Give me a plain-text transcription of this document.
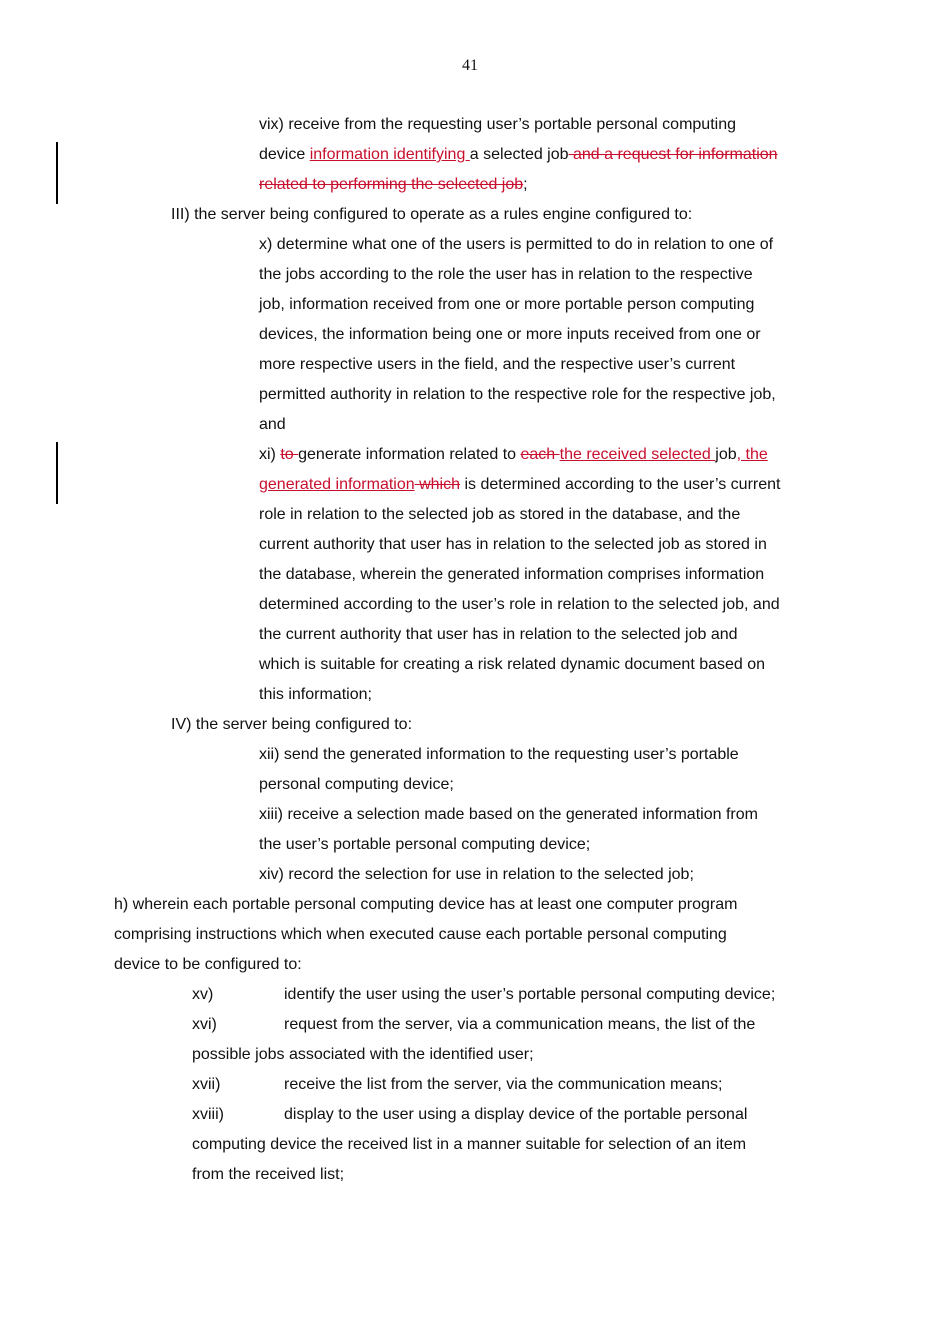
41
vix) receive from the requesting user’s portable personal computing
device information identifying a selected job and a request for information
related to performing the selected job;
III) the server being configured to operate as a rules engine configured to:
x) determine what one of the users is permitted to do in relation to one of
the jobs according to the role the user has in relation to the respective
job, information received from one or more portable person computing
devices, the information being one or more inputs received from one or
more respective users in the field, and the respective user’s current
permitted authority in relation to the respective role for the respective job,
and
xi) to generate information related to each the received selected job, the
generated information which is determined according to the user’s current
role in relation to the selected job as stored in the database, and the
current authority that user has in relation to the selected job as stored in
the database, wherein the generated information comprises information
determined according to the user’s role in relation to the selected job, and
the current authority that user has in relation to the selected job and
which is suitable for creating a risk related dynamic document based on
this information;
IV) the server being configured to:
xii) send the generated information to the requesting user’s portable
personal computing device;
xiii) receive a selection made based on the generated information from
the user’s portable personal computing device;
xiv) record the selection for use in relation to the selected job;
h) wherein each portable personal computing device has at least one computer program
comprising instructions which when executed cause each portable personal computing
device to be configured to:
xv)	identify the user using the user’s portable personal computing device;
xvi)	request from the server, via a communication means, the list of the
possible jobs associated with the identified user;
xvii)	receive the list from the server, via the communication means;
xviii)	display to the user using a display device of the portable personal
computing device the received list in a manner suitable for selection of an item
from the received list;
